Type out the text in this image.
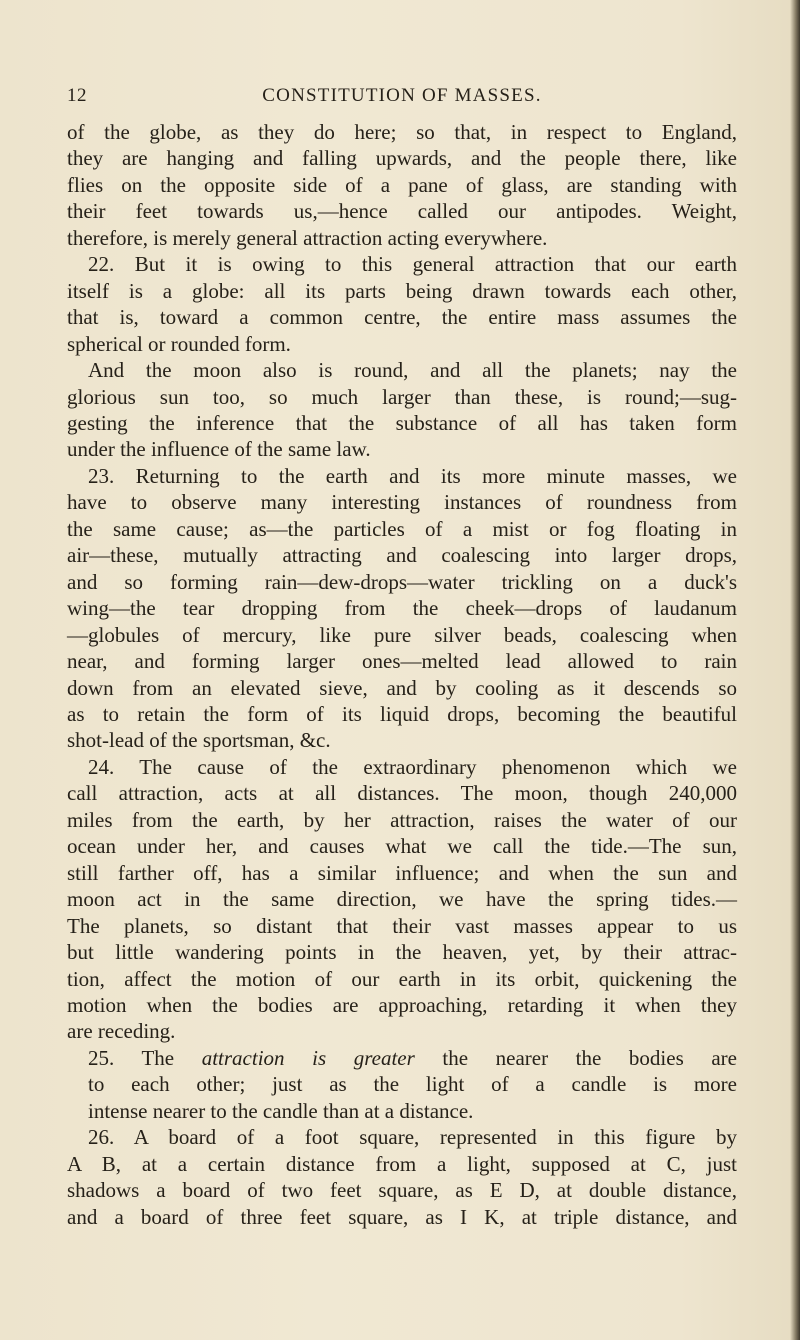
12	CONSTITUTION OF MASSES.

of the globe, as they do here; so that, in respect to England,

they are hanging and falling upwards, and the people there, like

flies on the opposite side of a pane of glass, are standing with

their feet towards us,—hence called our antipodes. Weight,

therefore, is merely general attraction acting everywhere.

22. But it is owing to this general attraction that our earth

itself is a globe: all its parts being drawn towards each other,

that is, toward a common centre, the entire mass assumes the

spherical or rounded form.

And the moon also is round, and all the planets; nay the

glorious sun too, so much larger than these, is round;—sug-

gesting the inference that the substance of all has taken form

under the influence of the same law.

23. Returning to the earth and its more minute masses, we

have to observe many interesting instances of roundness from

the same cause; as—the particles of a mist or fog floating in

air—these, mutually attracting and coalescing into larger drops,

and so forming rain—dew-drops—water trickling on a duck's

wing—the tear dropping from the cheek—drops of laudanum

—globules of mercury, like pure silver beads, coalescing when

near, and forming larger ones—melted lead allowed to rain

down from an elevated sieve, and by cooling as it descends so

as to retain the form of its liquid drops, becoming the beautiful

shot-lead of the sportsman, &c.

24. The cause of the extraordinary phenomenon which we

call attraction, acts at all distances. The moon, though 240,000

miles from the earth, by her attraction, raises the water of our

ocean under her, and causes what we call the tide.—The sun,

still farther off, has a similar influence; and when the sun and

moon act in the same direction, we have the spring tides.—

The planets, so distant that their vast masses appear to us

but little wandering points in the heaven, yet, by their attrac-

tion, affect the motion of our earth in its orbit, quickening the

motion when the bodies are approaching, retarding it when they

are receding.

25. The attraction is greater the nearer the bodies are

to each other; just as the light of a candle is more

intense nearer to the candle than at a distance.

26. A board of a foot square, represented in this figure by

A B, at a certain distance from a light, supposed at C, just

shadows a board of two feet square, as E D, at double distance,

and a board of three feet square, as I K, at triple distance, and
